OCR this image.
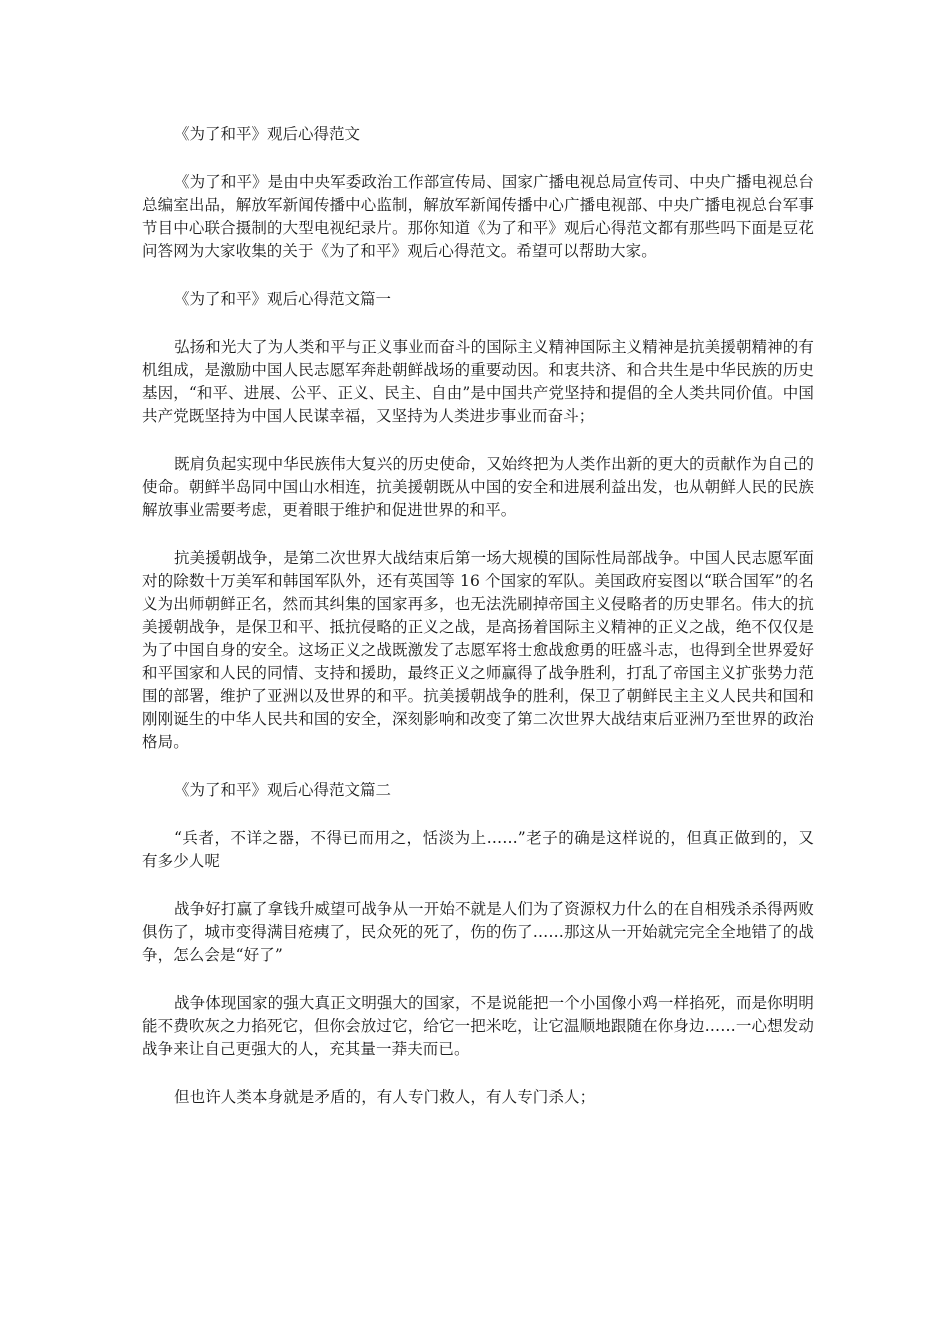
《为了和平》观后心得范文

《为了和平》是由中央军委政治工作部宣传局、国家广播电视总局宣传司、中央广播电视总台总编室出品，解放军新闻传播中心监制，解放军新闻传播中心广播电视部、中央广播电视总台军事节目中心联合摄制的大型电视纪录片。那你知道《为了和平》观后心得范文都有那些吗下面是豆花问答网为大家收集的关于《为了和平》观后心得范文。希望可以帮助大家。

《为了和平》观后心得范文篇一

弘扬和光大了为人类和平与正义事业而奋斗的国际主义精神国际主义精神是抗美援朝精神的有机组成，是激励中国人民志愿军奔赴朝鲜战场的重要动因。和衷共济、和合共生是中华民族的历史基因，“和平、进展、公平、正义、民主、自由”是中国共产党坚持和提倡的全人类共同价值。中国共产党既坚持为中国人民谋幸福，又坚持为人类进步事业而奋斗；

既肩负起实现中华民族伟大复兴的历史使命，又始终把为人类作出新的更大的贡献作为自己的使命。朝鲜半岛同中国山水相连，抗美援朝既从中国的安全和进展利益出发，也从朝鲜人民的民族解放事业需要考虑，更着眼于维护和促进世界的和平。

抗美援朝战争，是第二次世界大战结束后第一场大规模的国际性局部战争。中国人民志愿军面对的除数十万美军和韩国军队外，还有英国等 16 个国家的军队。美国政府妄图以“联合国军”的名义为出师朝鲜正名，然而其纠集的国家再多，也无法洗刷掉帝国主义侵略者的历史罪名。伟大的抗美援朝战争，是保卫和平、抵抗侵略的正义之战，是高扬着国际主义精神的正义之战，绝不仅仅是为了中国自身的安全。这场正义之战既激发了志愿军将士愈战愈勇的旺盛斗志，也得到全世界爱好和平国家和人民的同情、支持和援助，最终正义之师赢得了战争胜利，打乱了帝国主义扩张势力范围的部署，维护了亚洲以及世界的和平。抗美援朝战争的胜利，保卫了朝鲜民主主义人民共和国和刚刚诞生的中华人民共和国的安全，深刻影响和改变了第二次世界大战结束后亚洲乃至世界的政治格局。

《为了和平》观后心得范文篇二

“兵者，不详之器，不得已而用之，恬淡为上……”老子的确是这样说的，但真正做到的，又有多少人呢

战争好打赢了拿钱升威望可战争从一开始不就是人们为了资源权力什么的在自相残杀杀得两败俱伤了，城市变得满目疮痍了，民众死的死了，伤的伤了……那这从一开始就完完全全地错了的战争，怎么会是“好了”

战争体现国家的强大真正文明强大的国家，不是说能把一个小国像小鸡一样掐死，而是你明明能不费吹灰之力掐死它，但你会放过它，给它一把米吃，让它温顺地跟随在你身边……一心想发动战争来让自己更强大的人，充其量一莽夫而已。

但也许人类本身就是矛盾的，有人专门救人，有人专门杀人；
